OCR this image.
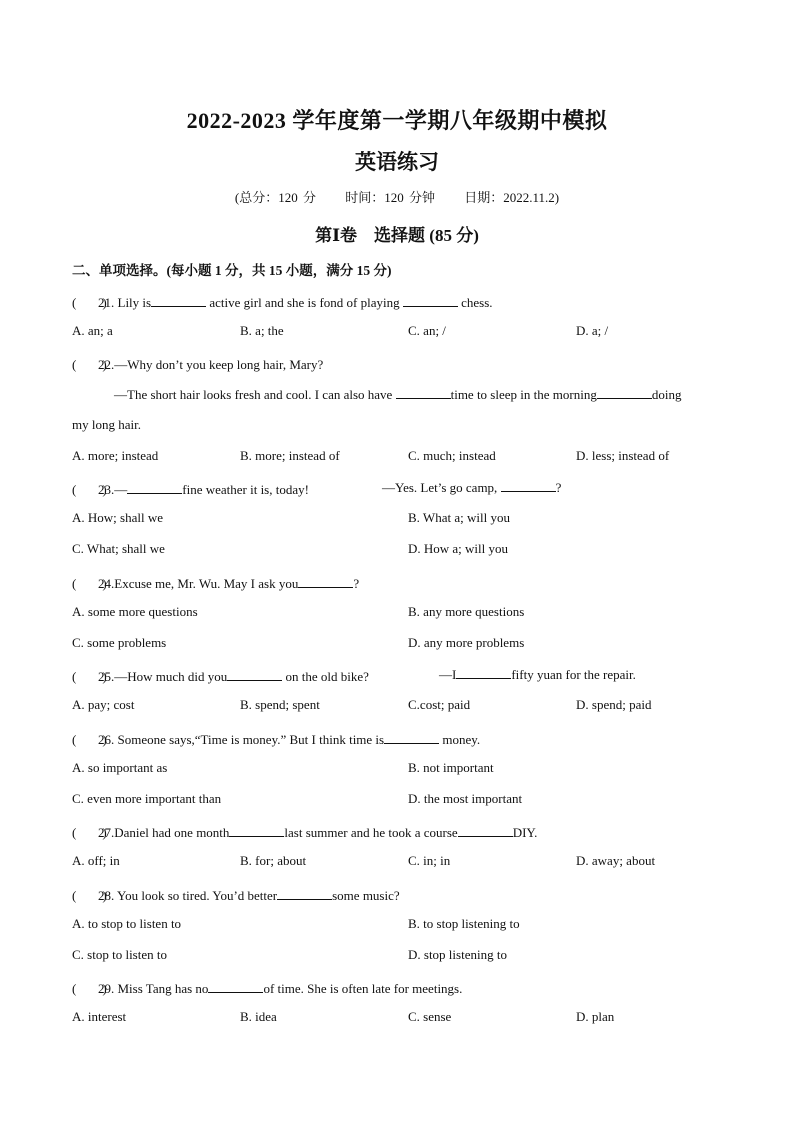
2022-2023 学年度第一学期八年级期中模拟
英语练习
(总分：120 分 时间：120 分钟 日期：2022.11.2)
第Ⅰ卷　选择题 (85 分)
二、单项选择。(每小题 1 分，共 15 小题，满分 15 分)
(　　)21. Lily is	active girl and she is fond of playing	chess.
A. an; a	B. a; the	C. an; /	D. a; /
(　　)22.—Why don’t you keep long hair, Mary?
—The short hair looks fresh and cool. I can also have	time to sleep in the morning	doing
my long hair.
A. more; instead	B. more; instead of	C. much; instead	D. less; instead of
(　　)23.—	fine weather it is, today!	—Yes. Let’s go camp,	?
A. How; shall we	B. What a; will you
C. What; shall we	D. How a; will you
(　　)24.Excuse me, Mr. Wu. May I ask you	?
A. some more questions	B. any more questions
C. some problems	D. any more problems
(　　)25.—How much did you	on the old bike?	—I	fifty yuan for the repair.
A. pay; cost	B. spend; spent	C.cost; paid	D. spend; paid
(　　)26. Someone says,“Time is money.” But I think time is	money.
A. so important as	B. not important
C. even more important than	D. the most important
(　　)27.Daniel had one month	last summer and he took a course	DIY.
A. off; in	B. for; about	C. in; in	D. away; about
(　　)28. You look so tired. You’d better	some music?
A. to stop to listen to	B. to stop listening to
C. stop to listen to	D. stop listening to
(　　)29. Miss Tang has no	of time. She is often late for meetings.
A. interest	B. idea	C. sense	D. plan
